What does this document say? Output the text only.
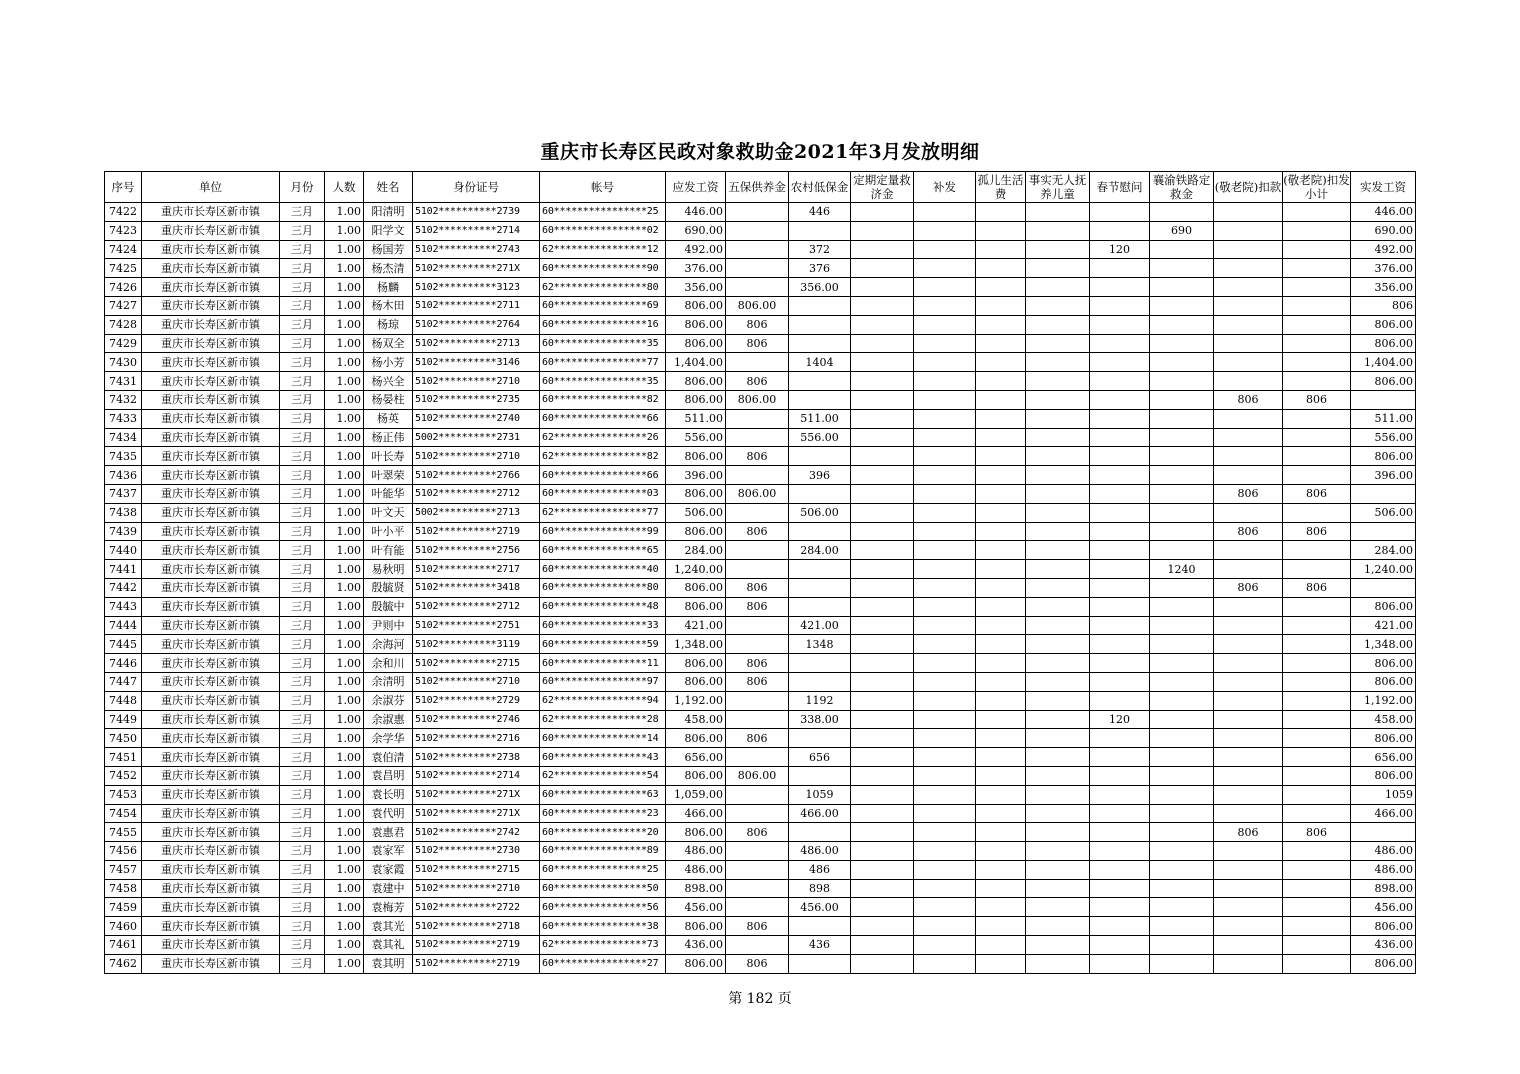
重庆市长寿区民政对象救助金2021年3月发放明细
序号	单位	月份	人数	姓名	身份证号	帐号	应发工资	五保供养金	农村低保金	定期定量救济金	补发	孤儿生活费	事实无人抚养儿童	春节慰问	襄渝铁路定救金	(敬老院)扣款	(敬老院)扣发小计	实发工资
7422	重庆市长寿区新市镇	三月	1.00	阳清明	5102**********2739	60****************25	446.00		446									446.00
7423	重庆市长寿区新市镇	三月	1.00	阳学文	5102**********2714	60****************02	690.00								690			690.00
7424	重庆市长寿区新市镇	三月	1.00	杨国芳	5102**********2743	62****************12	492.00		372					120				492.00
7425	重庆市长寿区新市镇	三月	1.00	杨杰清	5102**********271X	60****************90	376.00		376									376.00
7426	重庆市长寿区新市镇	三月	1.00	杨麟	5102**********3123	62****************80	356.00		356.00									356.00
7427	重庆市长寿区新市镇	三月	1.00	杨木田	5102**********2711	60****************69	806.00	806.00										806
7428	重庆市长寿区新市镇	三月	1.00	杨琼	5102**********2764	60****************16	806.00	806										806.00
7429	重庆市长寿区新市镇	三月	1.00	杨双全	5102**********2713	60****************35	806.00	806										806.00
7430	重庆市长寿区新市镇	三月	1.00	杨小芳	5102**********3146	60****************77	1,404.00		1404									1,404.00
7431	重庆市长寿区新市镇	三月	1.00	杨兴全	5102**********2710	60****************35	806.00	806										806.00
7432	重庆市长寿区新市镇	三月	1.00	杨晏柱	5102**********2735	60****************82	806.00	806.00								806	806	
7433	重庆市长寿区新市镇	三月	1.00	杨英	5102**********2740	60****************66	511.00		511.00									511.00
7434	重庆市长寿区新市镇	三月	1.00	杨正伟	5002**********2731	62****************26	556.00		556.00									556.00
7435	重庆市长寿区新市镇	三月	1.00	叶长寿	5102**********2710	62****************82	806.00	806										806.00
7436	重庆市长寿区新市镇	三月	1.00	叶翠荣	5102**********2766	60****************66	396.00		396									396.00
7437	重庆市长寿区新市镇	三月	1.00	叶能华	5102**********2712	60****************03	806.00	806.00								806	806	
7438	重庆市长寿区新市镇	三月	1.00	叶文天	5002**********2713	62****************77	506.00		506.00									506.00
7439	重庆市长寿区新市镇	三月	1.00	叶小平	5102**********2719	60****************99	806.00	806								806	806	
7440	重庆市长寿区新市镇	三月	1.00	叶有能	5102**********2756	60****************65	284.00		284.00									284.00
7441	重庆市长寿区新市镇	三月	1.00	易秋明	5102**********2717	60****************40	1,240.00								1240			1,240.00
7442	重庆市长寿区新市镇	三月	1.00	殷毓贤	5102**********3418	60****************80	806.00	806								806	806	
7443	重庆市长寿区新市镇	三月	1.00	殷毓中	5102**********2712	60****************48	806.00	806										806.00
7444	重庆市长寿区新市镇	三月	1.00	尹则中	5102**********2751	60****************33	421.00		421.00									421.00
7445	重庆市长寿区新市镇	三月	1.00	余海河	5102**********3119	60****************59	1,348.00		1348									1,348.00
7446	重庆市长寿区新市镇	三月	1.00	余和川	5102**********2715	60****************11	806.00	806										806.00
7447	重庆市长寿区新市镇	三月	1.00	余清明	5102**********2710	60****************97	806.00	806										806.00
7448	重庆市长寿区新市镇	三月	1.00	余淑芬	5102**********2729	62****************94	1,192.00		1192									1,192.00
7449	重庆市长寿区新市镇	三月	1.00	余淑惠	5102**********2746	62****************28	458.00		338.00					120				458.00
7450	重庆市长寿区新市镇	三月	1.00	余学华	5102**********2716	60****************14	806.00	806										806.00
7451	重庆市长寿区新市镇	三月	1.00	袁伯清	5102**********2738	60****************43	656.00		656									656.00
7452	重庆市长寿区新市镇	三月	1.00	袁昌明	5102**********2714	62****************54	806.00	806.00										806.00
7453	重庆市长寿区新市镇	三月	1.00	袁长明	5102**********271X	60****************63	1,059.00		1059									1059
7454	重庆市长寿区新市镇	三月	1.00	袁代明	5102**********271X	60****************23	466.00		466.00									466.00
7455	重庆市长寿区新市镇	三月	1.00	袁惠君	5102**********2742	60****************20	806.00	806								806	806	
7456	重庆市长寿区新市镇	三月	1.00	袁家军	5102**********2730	60****************89	486.00		486.00									486.00
7457	重庆市长寿区新市镇	三月	1.00	袁家霞	5102**********2715	60****************25	486.00		486									486.00
7458	重庆市长寿区新市镇	三月	1.00	袁建中	5102**********2710	60****************50	898.00		898									898.00
7459	重庆市长寿区新市镇	三月	1.00	袁梅芳	5102**********2722	60****************56	456.00		456.00									456.00
7460	重庆市长寿区新市镇	三月	1.00	袁其光	5102**********2718	60****************38	806.00	806										806.00
7461	重庆市长寿区新市镇	三月	1.00	袁其礼	5102**********2719	62****************73	436.00		436									436.00
7462	重庆市长寿区新市镇	三月	1.00	袁其明	5102**********2719	60****************27	806.00	806										806.00
第 182 页
